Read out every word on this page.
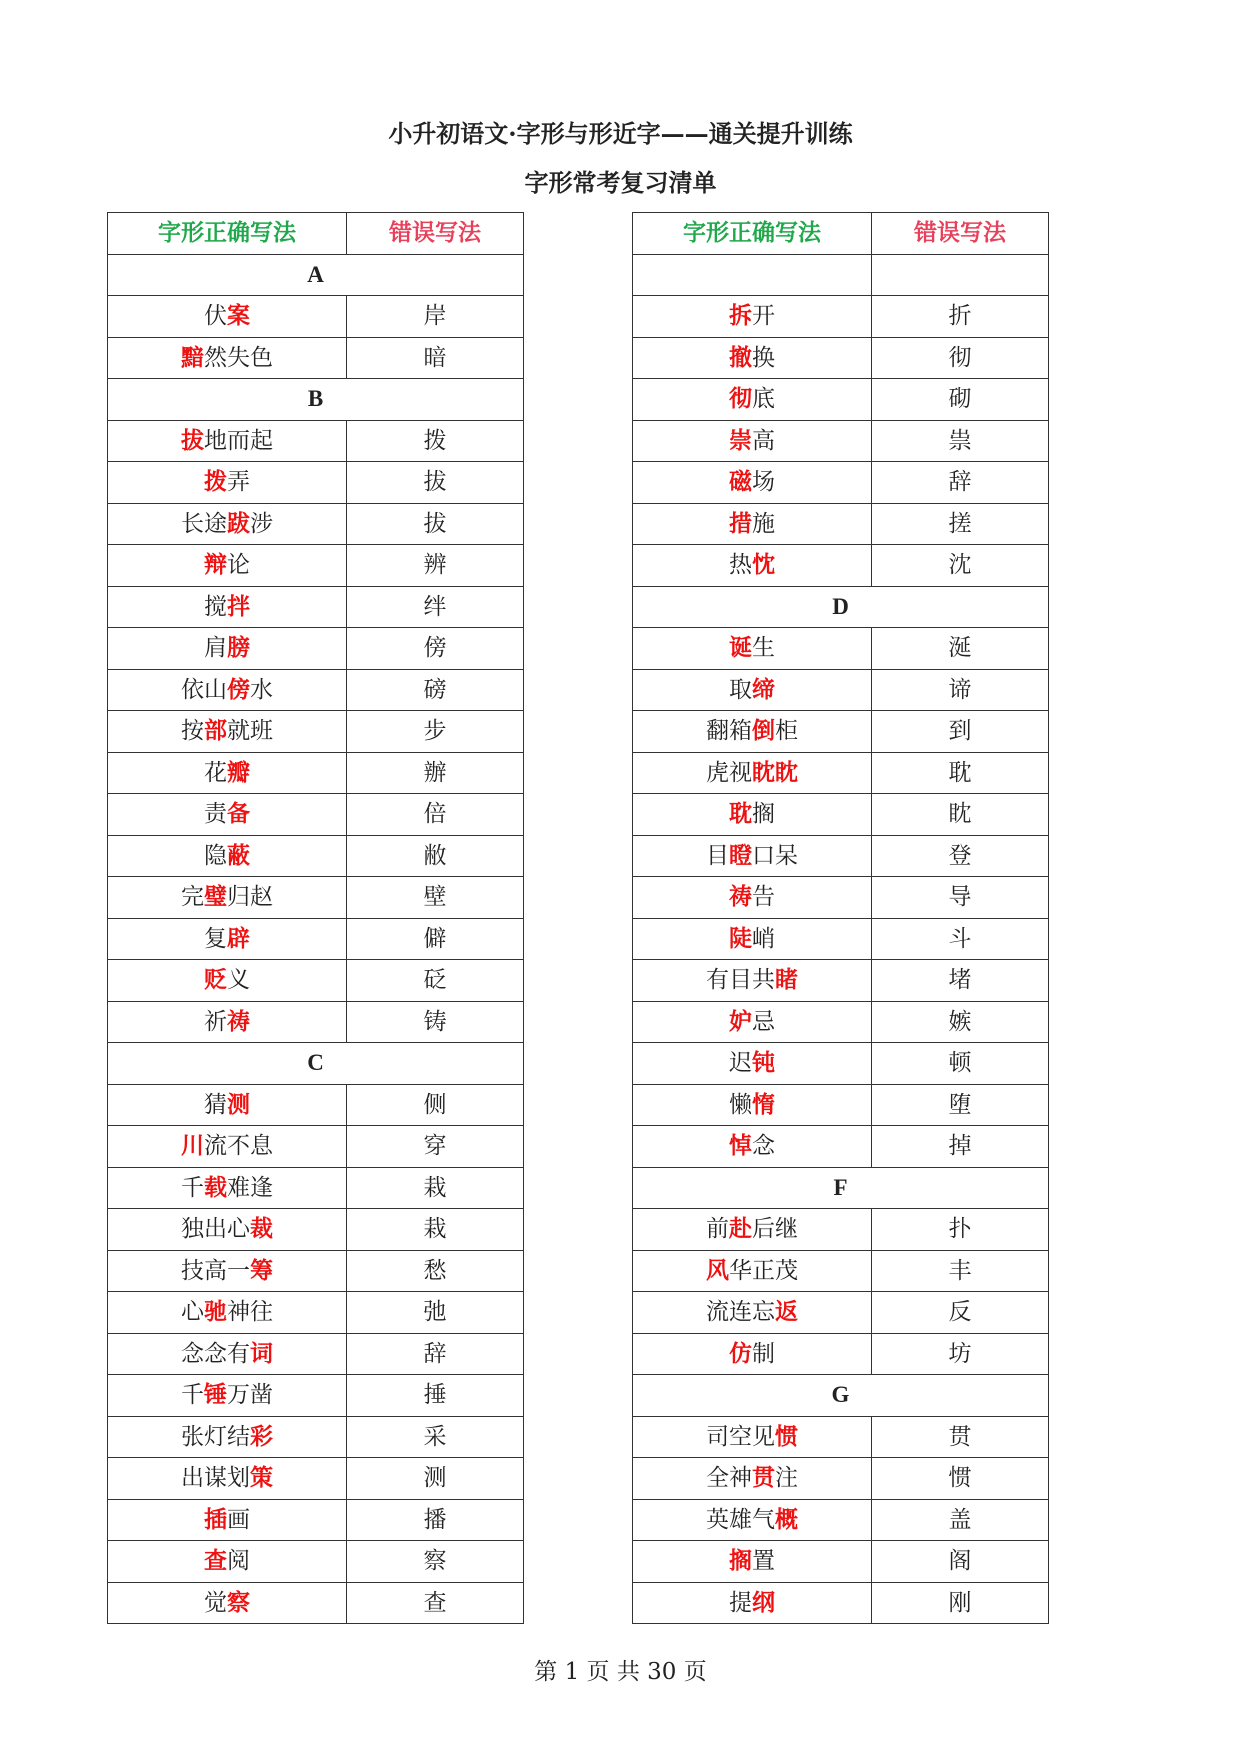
小升初语文·字形与形近字——通关提升训练
字形常考复习清单
字形正确写法	错误写法
A	
伏案	岸
黯然失色	暗
B	
拔地而起	拨
拨弄	拔
长途跋涉	拔
辩论	辨
搅拌	绊
肩膀	傍
依山傍水	磅
按部就班	步
花瓣	辦
责备	倍
隐蔽	敝
完璧归赵	壁
复辟	僻
贬义	砭
祈祷	铸
C	
猜测	侧
川流不息	穿
千载难逢	栽
独出心裁	栽
技高一筹	愁
心驰神往	弛
念念有词	辞
千锤万凿	捶
张灯结彩	采
出谋划策	测
插画	播
查阅	察
觉察	查
字形正确写法	错误写法

拆开	折
撤换	彻
彻底	砌
崇高	祟
磁场	辞
措施	搓
热忱	沈
D	
诞生	涎
取缔	谛
翻箱倒柜	到
虎视眈眈	耽
耽搁	眈
目瞪口呆	登
祷告	导
陡峭	斗
有目共睹	堵
妒忌	嫉
迟钝	顿
懒惰	堕
悼念	掉
F	
前赴后继	扑
风华正茂	丰
流连忘返	反
仿制	坊
G	
司空见惯	贯
全神贯注	惯
英雄气概	盖
搁置	阁
提纲	刚
第 1 页 共 30 页
